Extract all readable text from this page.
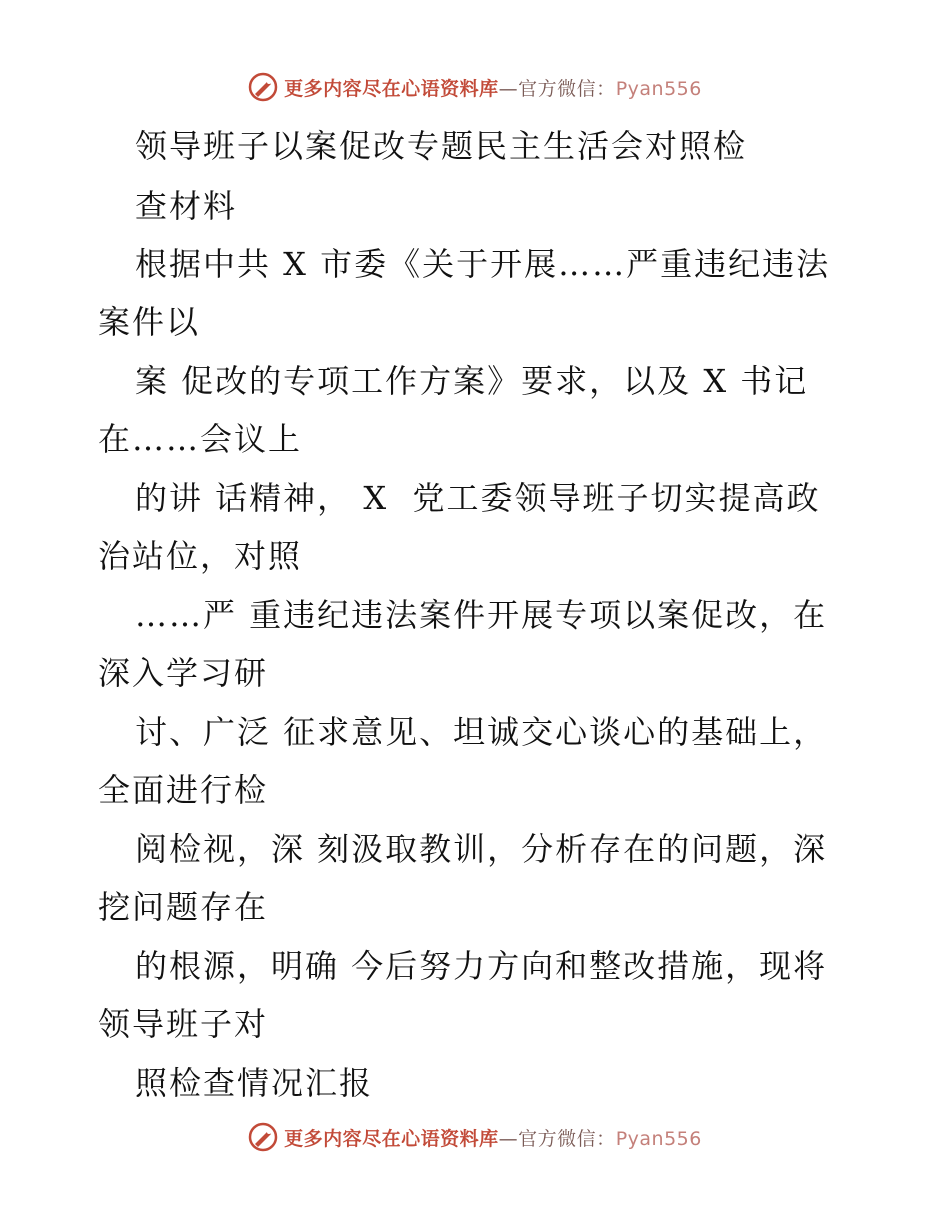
更多内容尽在心语资料库—官方微信：Pyan556
领导班子以案促改专题民主生活会对照检
查材料
根据中共 X 市委《关于开展……严重违纪违法
案件以
案 促改的专项工作方案》要求，以及 X 书记
在……会议上
的讲 话精神， X  党工委领导班子切实提高政
治站位，对照
……严 重违纪违法案件开展专项以案促改，在
深入学习研
讨、广泛 征求意见、坦诚交心谈心的基础上，
全面进行检
阅检视，深 刻汲取教训，分析存在的问题，深
挖问题存在
的根源，明确 今后努力方向和整改措施，现将
领导班子对
照检查情况汇报
更多内容尽在心语资料库—官方微信：Pyan556
